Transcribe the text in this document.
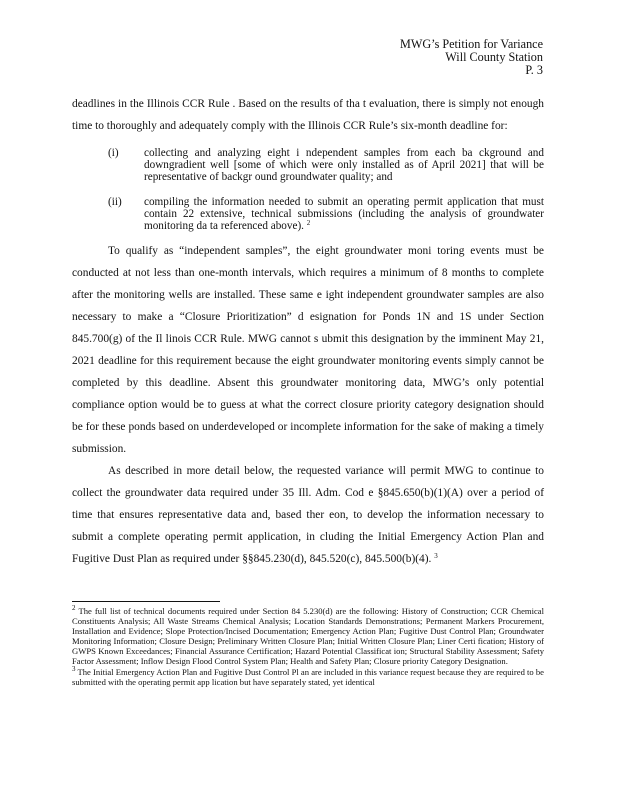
MWG’s Petition for Variance
Will County Station
P. 3

deadlines in the Illinois CCR Rule . Based on the results of tha t evaluation, there is simply not enough time to thoroughly and adequately comply with the Illinois CCR Rule’s six-month deadline for:

(i)	collecting and analyzing eight i ndependent samples from each ba ckground and downgradient well [some of which were only installed as of April 2021] that will be representative of backgr ound groundwater quality; and
(ii)	compiling the information needed to submit an operating permit application that must contain 22 extensive, technical submissions (including the analysis of groundwater monitoring da ta referenced above). $^2$

To qualify as “independent samples”, the eight groundwater moni toring events must be conducted at not less than one-month intervals, which requires a minimum of 8 months to complete after the monitoring wells are installed. These same e ight independent groundwater samples are also necessary to make a “Closure Prioritization” d esignation for Ponds 1N and 1S under Section 845.700(g) of the Il linois CCR Rule. MWG cannot s ubmit this designation by the imminent May 21, 2021 deadline for this requirement because the eight groundwater monitoring events simply cannot be completed by this deadline. Absent this groundwater monitoring data, MWG’s only potential compliance option would be to guess at what the correct closure priority category designation should be for these ponds based on underdeveloped or incomplete information for the sake of making a timely submission.

As described in more detail below, the requested variance will permit MWG to continue to collect the groundwater data required under 35 Ill. Adm. Cod e §845.650(b)(1)(A) over a period of time that ensures representative data and, based ther eon, to develop the information necessary to submit a complete operating permit application, in cluding the Initial Emergency Action Plan and Fugitive Dust Plan as required under §§845.230(d), 845.520(c), 845.500(b)(4). $^3$

$^2$ The full list of technical documents required under Section 84 5.230(d) are the following: History of Construction; CCR Chemical Constituents Analysis; All Waste Streams Chemical Analysis; Location Standards Demonstrations; Permanent Markers Procurement, Installation and Evidence; Slope Protection/Incised Documentation; Emergency Action Plan; Fugitive Dust Control Plan; Groundwater Monitoring Information; Closure Design; Preliminary Written Closure Plan; Initial Written Closure Plan; Liner Certi fication; History of GWPS Known Exceedances; Financial Assurance Certification; Hazard Potential Classificat ion; Structural Stability Assessment; Safety Factor Assessment; Inflow Design Flood Control System Plan; Health and Safety Plan; Closure priority Category Designation.

$^3$ The Initial Emergency Action Plan and Fugitive Dust Control Pl an are included in this variance request because they are required to be submitted with the operating permit app lication but have separately stated, yet identical
